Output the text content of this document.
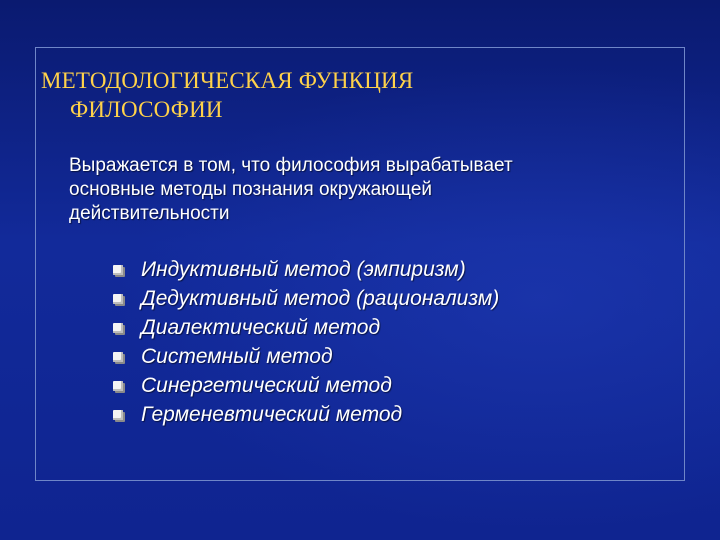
МЕТОДОЛОГИЧЕСКАЯ ФУНКЦИЯ
ФИЛОСОФИИ
Выражается в том, что философия вырабатывает
основные методы познания окружающей
действительности
Индуктивный метод (эмпиризм)
Дедуктивный метод (рационализм)
Диалектический метод
Системный метод
Синергетический метод
Герменевтический метод
